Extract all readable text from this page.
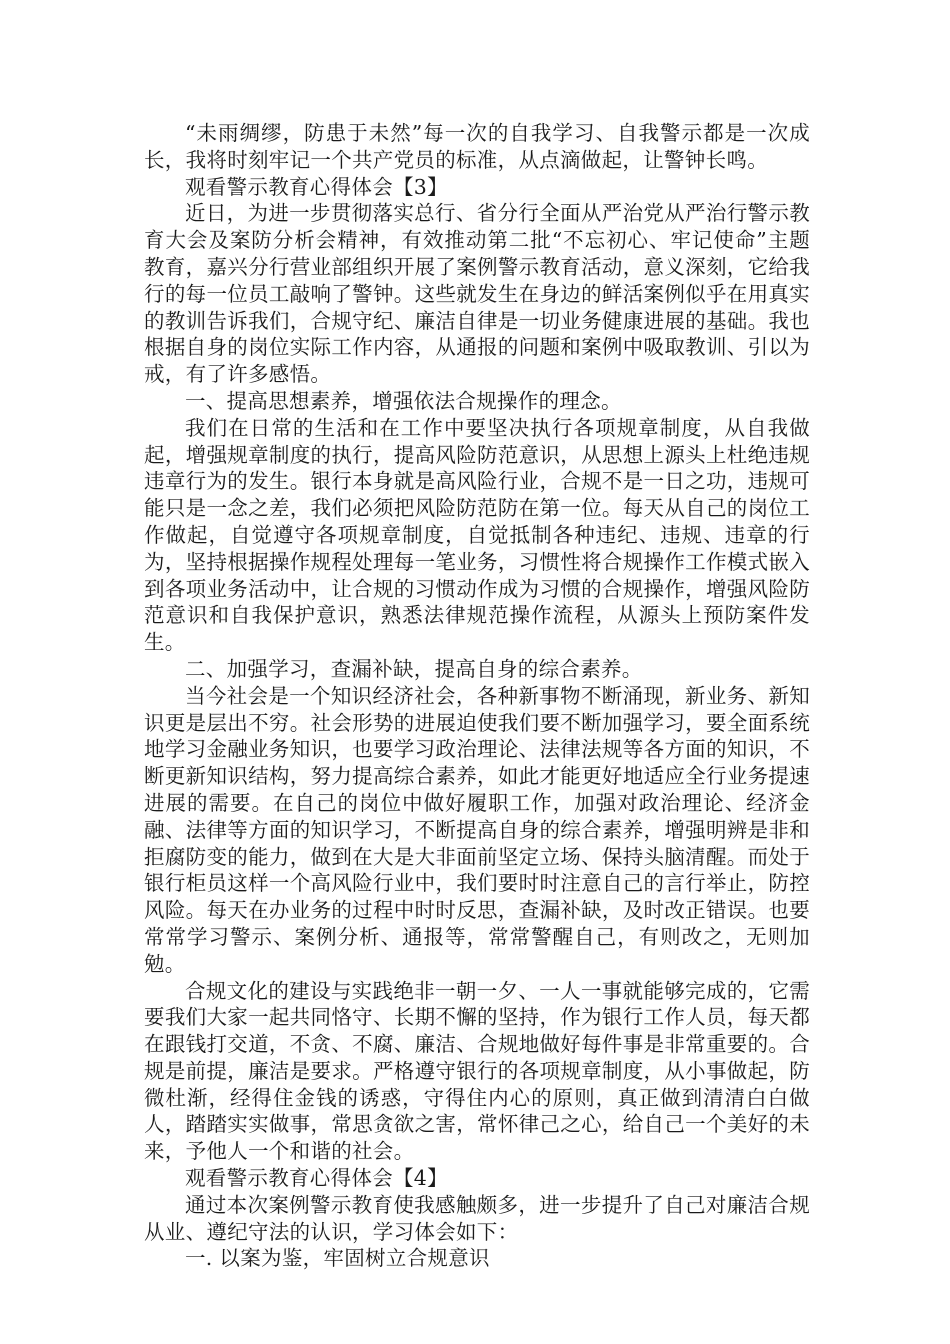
“未雨绸缪，防患于未然”每一次的自我学习、自我警示都是一次成长，我将时刻牢记一个共产党员的标准，从点滴做起，让警钟长鸣。

观看警示教育心得体会【3】

近日，为进一步贯彻落实总行、省分行全面从严治党从严治行警示教育大会及案防分析会精神，有效推动第二批“不忘初心、牢记使命”主题教育，嘉兴分行营业部组织开展了案例警示教育活动，意义深刻，它给我行的每一位员工敲响了警钟。这些就发生在身边的鲜活案例似乎在用真实的教训告诉我们，合规守纪、廉洁自律是一切业务健康进展的基础。我也根据自身的岗位实际工作内容，从通报的问题和案例中吸取教训、引以为戒，有了许多感悟。

一、提高思想素养，增强依法合规操作的理念。

我们在日常的生活和在工作中要坚决执行各项规章制度，从自我做起，增强规章制度的执行，提高风险防范意识，从思想上源头上杜绝违规违章行为的发生。银行本身就是高风险行业，合规不是一日之功，违规可能只是一念之差，我们必须把风险防范防在第一位。每天从自己的岗位工作做起，自觉遵守各项规章制度，自觉抵制各种违纪、违规、违章的行为，坚持根据操作规程处理每一笔业务，习惯性将合规操作工作模式嵌入到各项业务活动中，让合规的习惯动作成为习惯的合规操作，增强风险防范意识和自我保护意识，熟悉法律规范操作流程，从源头上预防案件发生。

二、加强学习，查漏补缺，提高自身的综合素养。

当今社会是一个知识经济社会，各种新事物不断涌现，新业务、新知识更是层出不穷。社会形势的进展迫使我们要不断加强学习，要全面系统地学习金融业务知识，也要学习政治理论、法律法规等各方面的知识，不断更新知识结构，努力提高综合素养，如此才能更好地适应全行业务提速进展的需要。在自己的岗位中做好履职工作，加强对政治理论、经济金融、法律等方面的知识学习，不断提高自身的综合素养，增强明辨是非和拒腐防变的能力，做到在大是大非面前坚定立场、保持头脑清醒。而处于银行柜员这样一个高风险行业中，我们要时时注意自己的言行举止，防控风险。每天在办业务的过程中时时反思，查漏补缺，及时改正错误。也要常常学习警示、案例分析、通报等，常常警醒自己，有则改之，无则加勉。

合规文化的建设与实践绝非一朝一夕、一人一事就能够完成的，它需要我们大家一起共同恪守、长期不懈的坚持，作为银行工作人员，每天都在跟钱打交道，不贪、不腐、廉洁、合规地做好每件事是非常重要的。合规是前提，廉洁是要求。严格遵守银行的各项规章制度，从小事做起，防微杜渐，经得住金钱的诱惑，守得住内心的原则，真正做到清清白白做人，踏踏实实做事，常思贪欲之害，常怀律己之心，给自己一个美好的未来，予他人一个和谐的社会。

观看警示教育心得体会【4】

通过本次案例警示教育使我感触颇多，进一步提升了自己对廉洁合规从业、遵纪守法的认识，学习体会如下：

一. 以案为鉴，牢固树立合规意识
